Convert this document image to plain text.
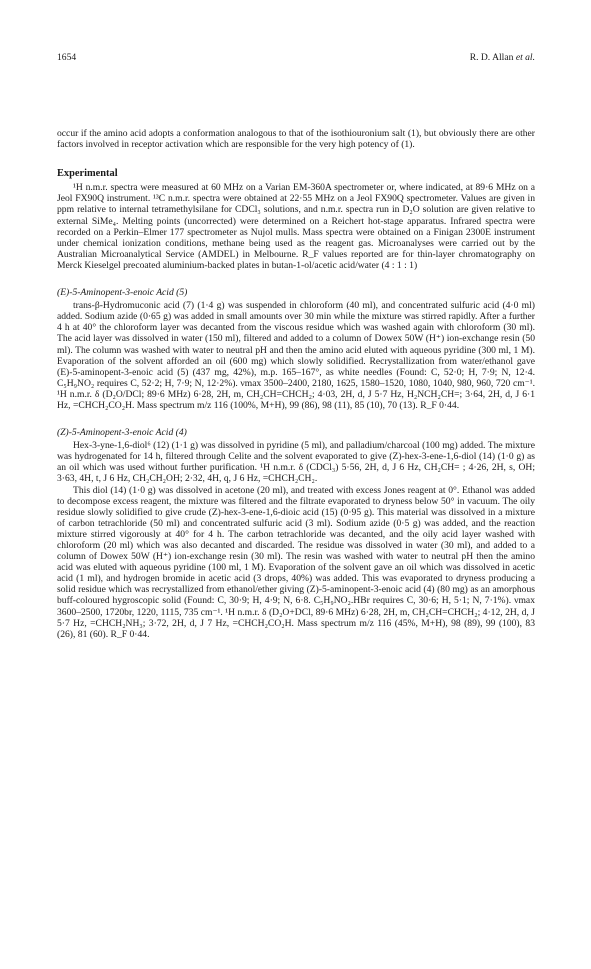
1654	R. D. Allan et al.

occur if the amino acid adopts a conformation analogous to that of the isothiouronium salt (1), but obviously there are other factors involved in receptor activation which are responsible for the very high potency of (1).

Experimental

¹H n.m.r. spectra were measured at 60 MHz on a Varian EM-360A spectrometer or, where indicated, at 89·6 MHz on a Jeol FX90Q instrument. ¹³C n.m.r. spectra were obtained at 22·55 MHz on a Jeol FX90Q spectrometer. Values are given in ppm relative to internal tetramethylsilane for CDCl₃ solutions, and n.m.r. spectra run in D₂O solution are given relative to external SiMe₄. Melting points (uncorrected) were determined on a Reichert hot-stage apparatus. Infrared spectra were recorded on a Perkin–Elmer 177 spectrometer as Nujol mulls. Mass spectra were obtained on a Finigan 2300E instrument under chemical ionization conditions, methane being used as the reagent gas. Microanalyses were carried out by the Australian Microanalytical Service (AMDEL) in Melbourne. R_F values reported are for thin-layer chromatography on Merck Kieselgel precoated aluminium-backed plates in butan-1-ol/acetic acid/water (4 : 1 : 1)

(E)-5-Aminopent-3-enoic Acid (5)

trans-β-Hydromuconic acid (7) (1·4 g) was suspended in chloroform (40 ml), and concentrated sulfuric acid (4·0 ml) added. Sodium azide (0·65 g) was added in small amounts over 30 min while the mixture was stirred rapidly. After a further 4 h at 40° the chloroform layer was decanted from the viscous residue which was washed again with chloroform (30 ml). The acid layer was dissolved in water (150 ml), filtered and added to a column of Dowex 50W (H⁺) ion-exchange resin (50 ml). The column was washed with water to neutral pH and then the amino acid eluted with aqueous pyridine (300 ml, 1 M). Evaporation of the solvent afforded an oil (600 mg) which slowly solidified. Recrystallization from water/ethanol gave (E)-5-aminopent-3-enoic acid (5) (437 mg, 42%), m.p. 165–167°, as white needles (Found: C, 52·0; H, 7·9; N, 12·4. C₅H₉NO₂ requires C, 52·2; H, 7·9; N, 12·2%). νmax 3500–2400, 2180, 1625, 1580–1520, 1080, 1040, 980, 960, 720 cm⁻¹. ¹H n.m.r. δ (D₂O/DCl; 89·6 MHz) 6·28, 2H, m, CH₂CH=CHCH₂; 4·03, 2H, d, J 5·7 Hz, H₂NCH₂CH=; 3·64, 2H, d, J 6·1 Hz, =CHCH₂CO₂H. Mass spectrum m/z 116 (100%, M+H), 99 (86), 98 (11), 85 (10), 70 (13). R_F 0·44.

(Z)-5-Aminopent-3-enoic Acid (4)

Hex-3-yne-1,6-diol⁶ (12) (1·1 g) was dissolved in pyridine (5 ml), and palladium/charcoal (100 mg) added. The mixture was hydrogenated for 14 h, filtered through Celite and the solvent evaporated to give (Z)-hex-3-ene-1,6-diol (14) (1·0 g) as an oil which was used without further purification. ¹H n.m.r. δ (CDCl₃) 5·56, 2H, d, J 6 Hz, CH₂CH= ; 4·26, 2H, s, OH; 3·63, 4H, t, J 6 Hz, CH₂CH₂OH; 2·32, 4H, q, J 6 Hz, =CHCH₂CH₂.

This diol (14) (1·0 g) was dissolved in acetone (20 ml), and treated with excess Jones reagent at 0°. Ethanol was added to decompose excess reagent, the mixture was filtered and the filtrate evaporated to dryness below 50° in vacuum. The oily residue slowly solidified to give crude (Z)-hex-3-ene-1,6-dioic acid (15) (0·95 g). This material was dissolved in a mixture of carbon tetrachloride (50 ml) and concentrated sulfuric acid (3 ml). Sodium azide (0·5 g) was added, and the reaction mixture stirred vigorously at 40° for 4 h. The carbon tetrachloride was decanted, and the oily acid layer washed with chloroform (20 ml) which was also decanted and discarded. The residue was dissolved in water (30 ml), and added to a column of Dowex 50W (H⁺) ion-exchange resin (30 ml). The resin was washed with water to neutral pH then the amino acid was eluted with aqueous pyridine (100 ml, 1 M). Evaporation of the solvent gave an oil which was dissolved in acetic acid (1 ml), and hydrogen bromide in acetic acid (3 drops, 40%) was added. This was evaporated to dryness producing a solid residue which was recrystallized from ethanol/ether giving (Z)-5-aminopent-3-enoic acid (4) (80 mg) as an amorphous buff-coloured hygroscopic solid (Found: C, 30·9; H, 4·9; N, 6·8. C₅H₉NO₂.HBr requires C, 30·6; H, 5·1; N, 7·1%). νmax 3600–2500, 1720br, 1220, 1115, 735 cm⁻¹. ¹H n.m.r. δ (D₂O+DCl, 89·6 MHz) 6·28, 2H, m, CH₂CH=CHCH₂; 4·12, 2H, d, J 5·7 Hz, =CHCH₂NH₃; 3·72, 2H, d, J 7 Hz, =CHCH₂CO₂H. Mass spectrum m/z 116 (45%, M+H), 98 (89), 99 (100), 83 (26), 81 (60). R_F 0·44.
